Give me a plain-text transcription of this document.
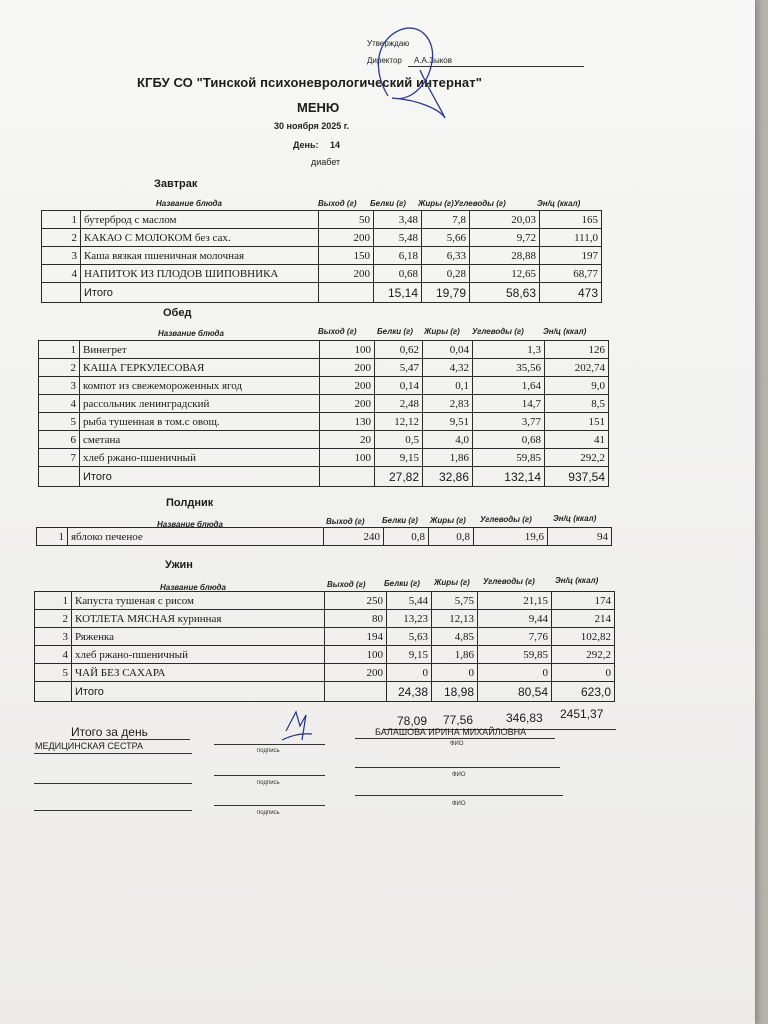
Утверждаю
Директор А.А.Зыков
КГБУ СО "Тинской психоневрологический интернат"
МЕНЮ
30 ноября 2025 г.
День: 14
диабет
Завтрак
Название блюда	Выход (г) Белки (г) Жиры (г) Углеводы (г)	Эн/ц (ккал)
1	бутерброд с маслом	50	3,48	7,8	20,03	165
2	КАКАО С МОЛОКОМ без сах.	200	5,48	5,66	9,72	111,0
3	Каша вязкая пшеничная молочная	150	6,18	6,33	28,88	197
4	НАПИТОК ИЗ ПЛОДОВ ШИПОВНИКА	200	0,68	0,28	12,65	68,77
	Итого		15,14	19,79	58,63	473
Обед
Название блюда	Выход (г)	Белки (г) Жиры (г) Углеводы (г) Эн/ц (ккал)
1	Винегрет	100	0,62	0,04	1,3	126
2	КАША ГЕРКУЛЕСОВАЯ	200	5,47	4,32	35,56	202,74
3	компот из свежемороженных ягод	200	0,14	0,1	1,64	9,0
4	рассольник ленинградский	200	2,48	2,83	14,7	8,5
5	рыба тушенная в том.с овощ.	130	12,12	9,51	3,77	151
6	сметана	20	0,5	4,0	0,68	41
7	хлеб ржано-пшеничный	100	9,15	1,86	59,85	292,2
	Итого		27,82	32,86	132,14	937,54
Полдник
Название блюда	Выход (г) Белки (г) Жиры (г) Углеводы (г)	Эн/ц (ккал)
1	яблоко печеное	240	0,8	0,8	19,6	94
Ужин
Название блюда	Выход (г) Белки (г) Жиры (г) Углеводы (г)	Эн/ц (ккал)
1	Капуста тушеная с рисом	250	5,44	5,75	21,15	174
2	КОТЛЕТА МЯСНАЯ куринная	80	13,23	12,13	9,44	214
3	Ряженка	194	5,63	4,85	7,76	102,82
4	хлеб ржано-пшеничный	100	9,15	1,86	59,85	292,2
5	ЧАЙ БЕЗ САХАРА	200	0	0	0	0
	Итого		24,38	18,98	80,54	623,0
Итого за день
78,09 77,56	346,83 2451,37
МЕДИЦИНСКАЯ СЕСТРА
БАЛАШОВА ИРИНА МИХАЙЛОВНА
подпись
ФИО
подпись
ФИО
подпись
ФИО
